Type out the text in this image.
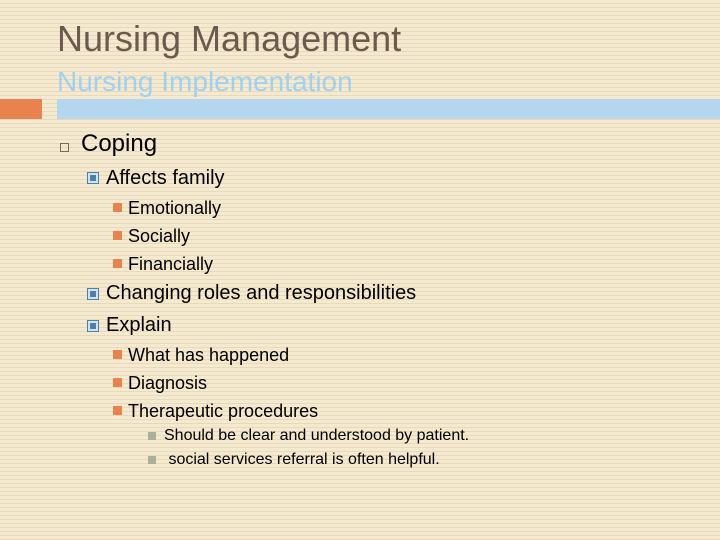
Nursing Management
Nursing Implementation
Coping
Affects family
Emotionally
Socially
Financially
Changing roles and responsibilities
Explain
What has happened
Diagnosis
Therapeutic procedures
Should be clear and understood by patient.
social services referral is often helpful.
